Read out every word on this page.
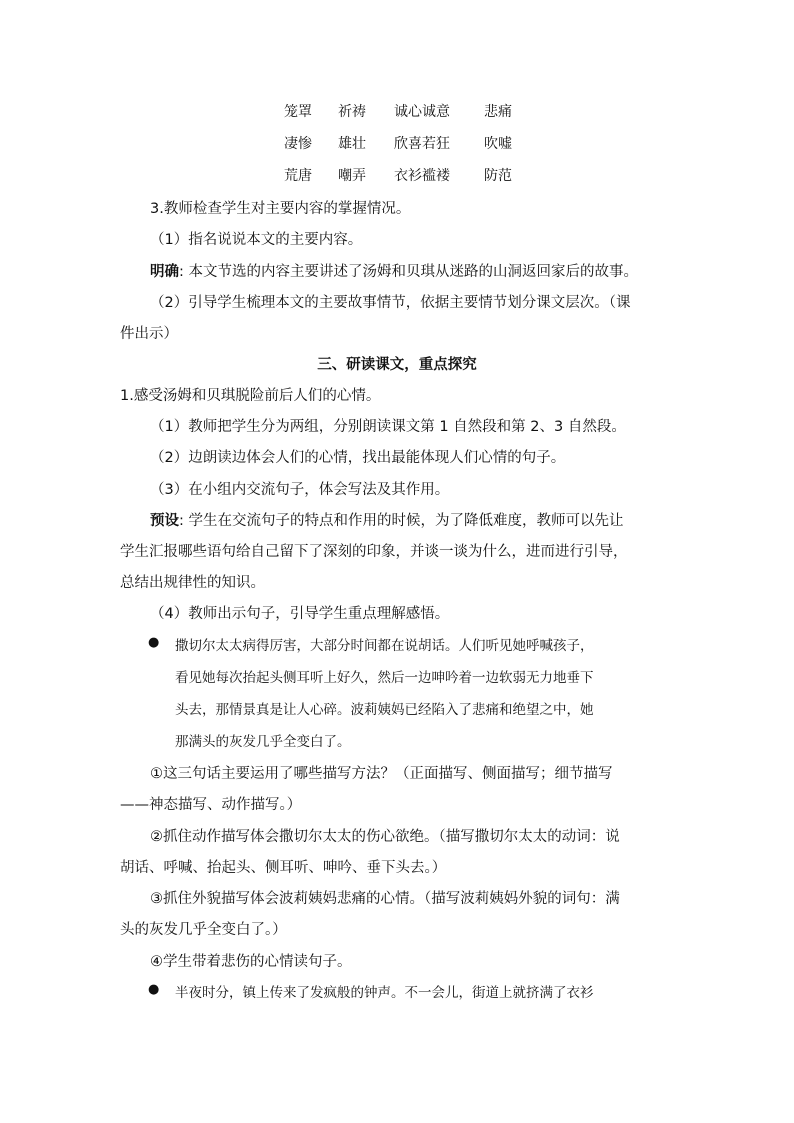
笼罩 祈祷 诚心诚意 悲痛
凄惨 雄壮 欣喜若狂 吹嘘
荒唐 嘲弄 衣衫褴褛 防范
3.教师检查学生对主要内容的掌握情况。
（1）指名说说本文的主要内容。
明确: 本文节选的内容主要讲述了汤姆和贝琪从迷路的山洞返回家后的故事。
（2）引导学生梳理本文的主要故事情节，依据主要情节划分课文层次。（课
件出示）
三、研读课文，重点探究
1.感受汤姆和贝琪脱险前后人们的心情。
（1）教师把学生分为两组，分别朗读课文第 1 自然段和第 2、3 自然段。
（2）边朗读边体会人们的心情，找出最能体现人们心情的句子。
（3）在小组内交流句子，体会写法及其作用。
预设: 学生在交流句子的特点和作用的时候，为了降低难度，教师可以先让
学生汇报哪些语句给自己留下了深刻的印象，并谈一谈为什么，进而进行引导，
总结出规律性的知识。
（4）教师出示句子，引导学生重点理解感悟。
● 撒切尔太太病得厉害，大部分时间都在说胡话。人们听见她呼喊孩子，
看见她每次抬起头侧耳听上好久，然后一边呻吟着一边软弱无力地垂下
头去，那情景真是让人心碎。波莉姨妈已经陷入了悲痛和绝望之中，她
那满头的灰发几乎全变白了。
①这三句话主要运用了哪些描写方法？（正面描写、侧面描写；细节描写
——神态描写、动作描写。）
②抓住动作描写体会撒切尔太太的伤心欲绝。（描写撒切尔太太的动词：说
胡话、呼喊、抬起头、侧耳听、呻吟、垂下头去。）
③抓住外貌描写体会波莉姨妈悲痛的心情。（描写波莉姨妈外貌的词句：满
头的灰发几乎全变白了。）
④学生带着悲伤的心情读句子。
● 半夜时分，镇上传来了发疯般的钟声。不一会儿，街道上就挤满了衣衫
